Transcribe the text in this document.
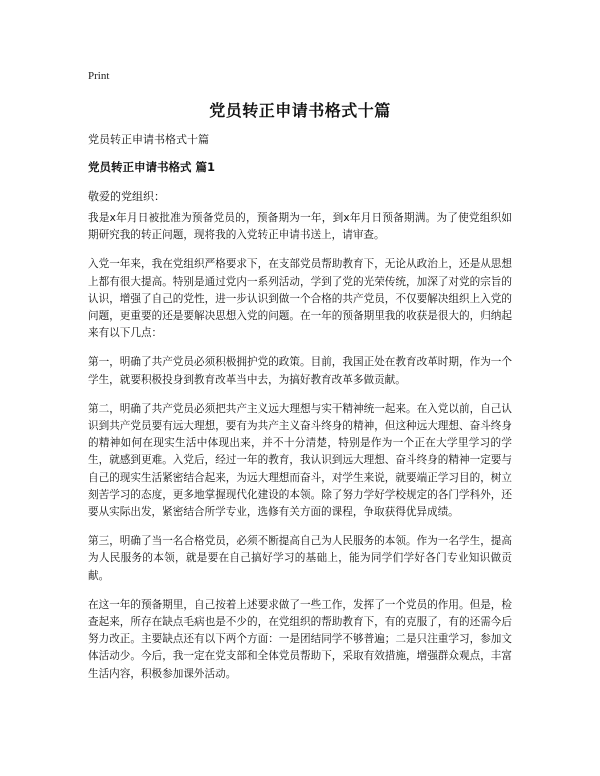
Print
党员转正申请书格式十篇
党员转正申请书格式十篇
党员转正申请书格式 篇1
敬爱的党组织：

我是x年月日被批准为预备党员的，预备期为一年，到x年月日预备期满。为了使党组织如期研究我的转正问题，现将我的入党转正申请书送上，请审查。

入党一年来，我在党组织严格要求下，在支部党员帮助教育下，无论从政治上，还是从思想上都有很大提高。特别是通过党内一系列活动，学到了党的光荣传统，加深了对党的宗旨的认识，增强了自己的党性，进一步认识到做一个合格的共产党员，不仅要解决组织上入党的问题，更重要的还是要解决思想入党的问题。在一年的预备期里我的收获是很大的，归纳起来有以下几点：

第一，明确了共产党员必须积极拥护党的政策。目前，我国正处在教育改革时期，作为一个学生，就要积极投身到教育改革当中去，为搞好教育改革多做贡献。

第二，明确了共产党员必须把共产主义远大理想与实干精神统一起来。在入党以前，自己认识到共产党员要有远大理想，要有为共产主义奋斗终身的精神，但这种远大理想、奋斗终身的精神如何在现实生活中体现出来，并不十分清楚，特别是作为一个正在大学里学习的学生，就感到更难。入党后，经过一年的教育，我认识到远大理想、奋斗终身的精神一定要与自己的现实生活紧密结合起来，为远大理想而奋斗，对学生来说，就要端正学习目的，树立刻苦学习的态度，更多地掌握现代化建设的本领。除了努力学好学校规定的各门学科外，还要从实际出发，紧密结合所学专业，选修有关方面的课程，争取获得优异成绩。

第三，明确了当一名合格党员，必须不断提高自己为人民服务的本领。作为一名学生，提高为人民服务的本领，就是要在自己搞好学习的基础上，能为同学们学好各门专业知识做贡献。

在这一年的预备期里，自己按着上述要求做了一些工作，发挥了一个党员的作用。但是，检查起来，所存在缺点毛病也是不少的，在党组织的帮助教育下，有的克服了，有的还需今后努力改正。主要缺点还有以下两个方面：一是团结同学不够普遍；二是只注重学习，参加文体活动少。今后，我一定在党支部和全体党员帮助下，采取有效措施，增强群众观点，丰富生活内容，积极参加课外活动。
